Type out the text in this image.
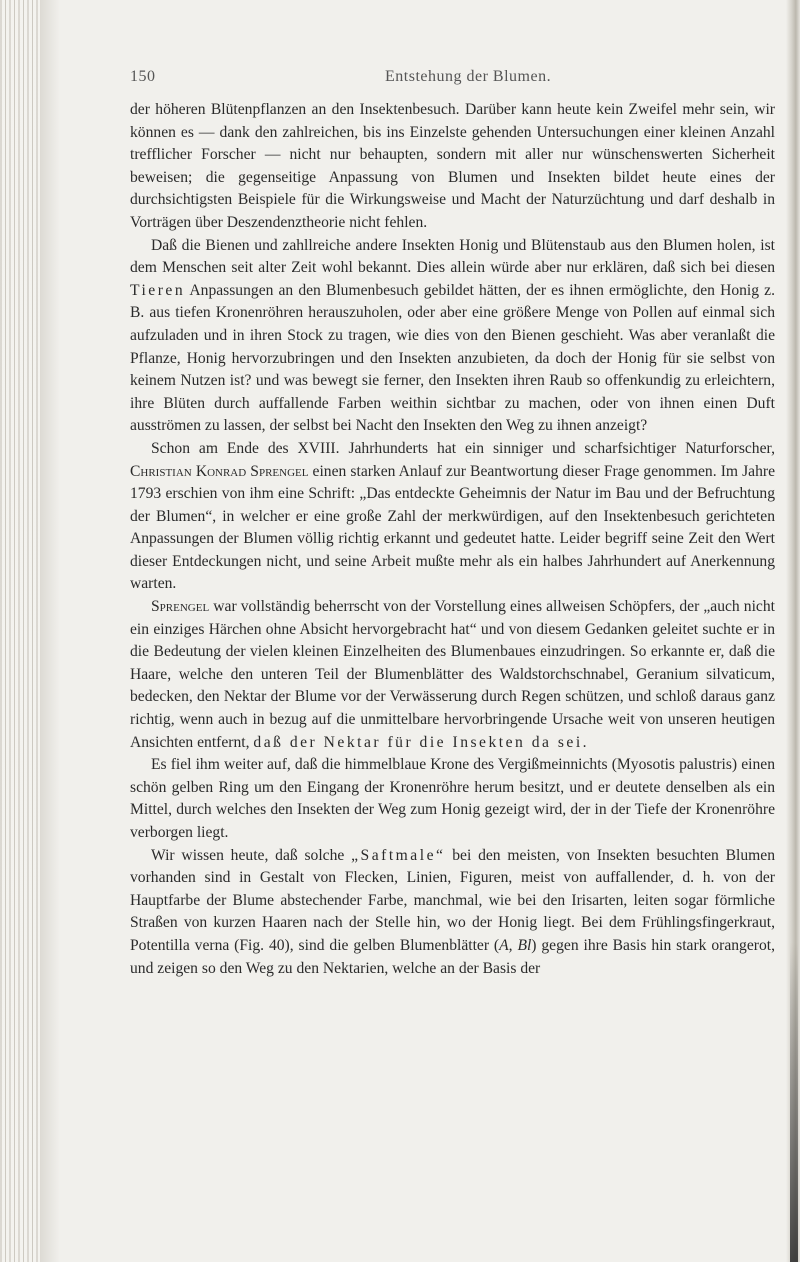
150	Entstehung der Blumen.

der höheren Blütenpflanzen an den Insektenbesuch. Darüber kann heute kein Zweifel mehr sein, wir können es — dank den zahlreichen, bis ins Einzelste gehenden Untersuchungen einer kleinen Anzahl trefflicher Forscher — nicht nur behaupten, sondern mit aller nur wünschenswerten Sicherheit beweisen; die gegenseitige Anpassung von Blumen und Insekten bildet heute eines der durchsichtigsten Beispiele für die Wirkungsweise und Macht der Naturzüchtung und darf deshalb in Vorträgen über Deszendenztheorie nicht fehlen.

Daß die Bienen und zahllreiche andere Insekten Honig und Blütenstaub aus den Blumen holen, ist dem Menschen seit alter Zeit wohl bekannt. Dies allein würde aber nur erklären, daß sich bei diesen Tieren Anpassungen an den Blumenbesuch gebildet hätten, der es ihnen ermöglichte, den Honig z. B. aus tiefen Kronenröhren herauszuholen, oder aber eine größere Menge von Pollen auf einmal sich aufzuladen und in ihren Stock zu tragen, wie dies von den Bienen geschieht. Was aber veranlaßt die Pflanze, Honig hervorzubringen und den Insekten anzubieten, da doch der Honig für sie selbst von keinem Nutzen ist? und was bewegt sie ferner, den Insekten ihren Raub so offenkundig zu erleichtern, ihre Blüten durch auffallende Farben weithin sichtbar zu machen, oder von ihnen einen Duft ausströmen zu lassen, der selbst bei Nacht den Insekten den Weg zu ihnen anzeigt?

Schon am Ende des XVIII. Jahrhunderts hat ein sinniger und scharfsichtiger Naturforscher, Christian Konrad Sprengel einen starken Anlauf zur Beantwortung dieser Frage genommen. Im Jahre 1793 erschien von ihm eine Schrift: „Das entdeckte Geheimnis der Natur im Bau und der Befruchtung der Blumen“, in welcher er eine große Zahl der merkwürdigen, auf den Insektenbesuch gerichteten Anpassungen der Blumen völlig richtig erkannt und gedeutet hatte. Leider begriff seine Zeit den Wert dieser Entdeckungen nicht, und seine Arbeit mußte mehr als ein halbes Jahrhundert auf Anerkennung warten.

Sprengel war vollständig beherrscht von der Vorstellung eines allweisen Schöpfers, der „auch nicht ein einziges Härchen ohne Absicht hervorgebracht hat“ und von diesem Gedanken geleitet suchte er in die Bedeutung der vielen kleinen Einzelheiten des Blumenbaues einzudringen. So erkannte er, daß die Haare, welche den unteren Teil der Blumenblätter des Waldstorchschnabel, Geranium silvaticum, bedecken, den Nektar der Blume vor der Verwässerung durch Regen schützen, und schloß daraus ganz richtig, wenn auch in bezug auf die unmittelbare hervorbringende Ursache weit von unseren heutigen Ansichten entfernt, daß der Nektar für die Insekten da sei.

Es fiel ihm weiter auf, daß die himmelblaue Krone des Vergißmeinnichts (Myosotis palustris) einen schön gelben Ring um den Eingang der Kronenröhre herum besitzt, und er deutete denselben als ein Mittel, durch welches den Insekten der Weg zum Honig gezeigt wird, der in der Tiefe der Kronenröhre verborgen liegt.

Wir wissen heute, daß solche „Saftmale“ bei den meisten, von Insekten besuchten Blumen vorhanden sind in Gestalt von Flecken, Linien, Figuren, meist von auffallender, d. h. von der Hauptfarbe der Blume abstechender Farbe, manchmal, wie bei den Irisarten, leiten sogar förmliche Straßen von kurzen Haaren nach der Stelle hin, wo der Honig liegt. Bei dem Frühlingsfingerkraut, Potentilla verna (Fig. 40), sind die gelben Blumenblätter (A, Bl) gegen ihre Basis hin stark orangerot, und zeigen so den Weg zu den Nektarien, welche an der Basis der
